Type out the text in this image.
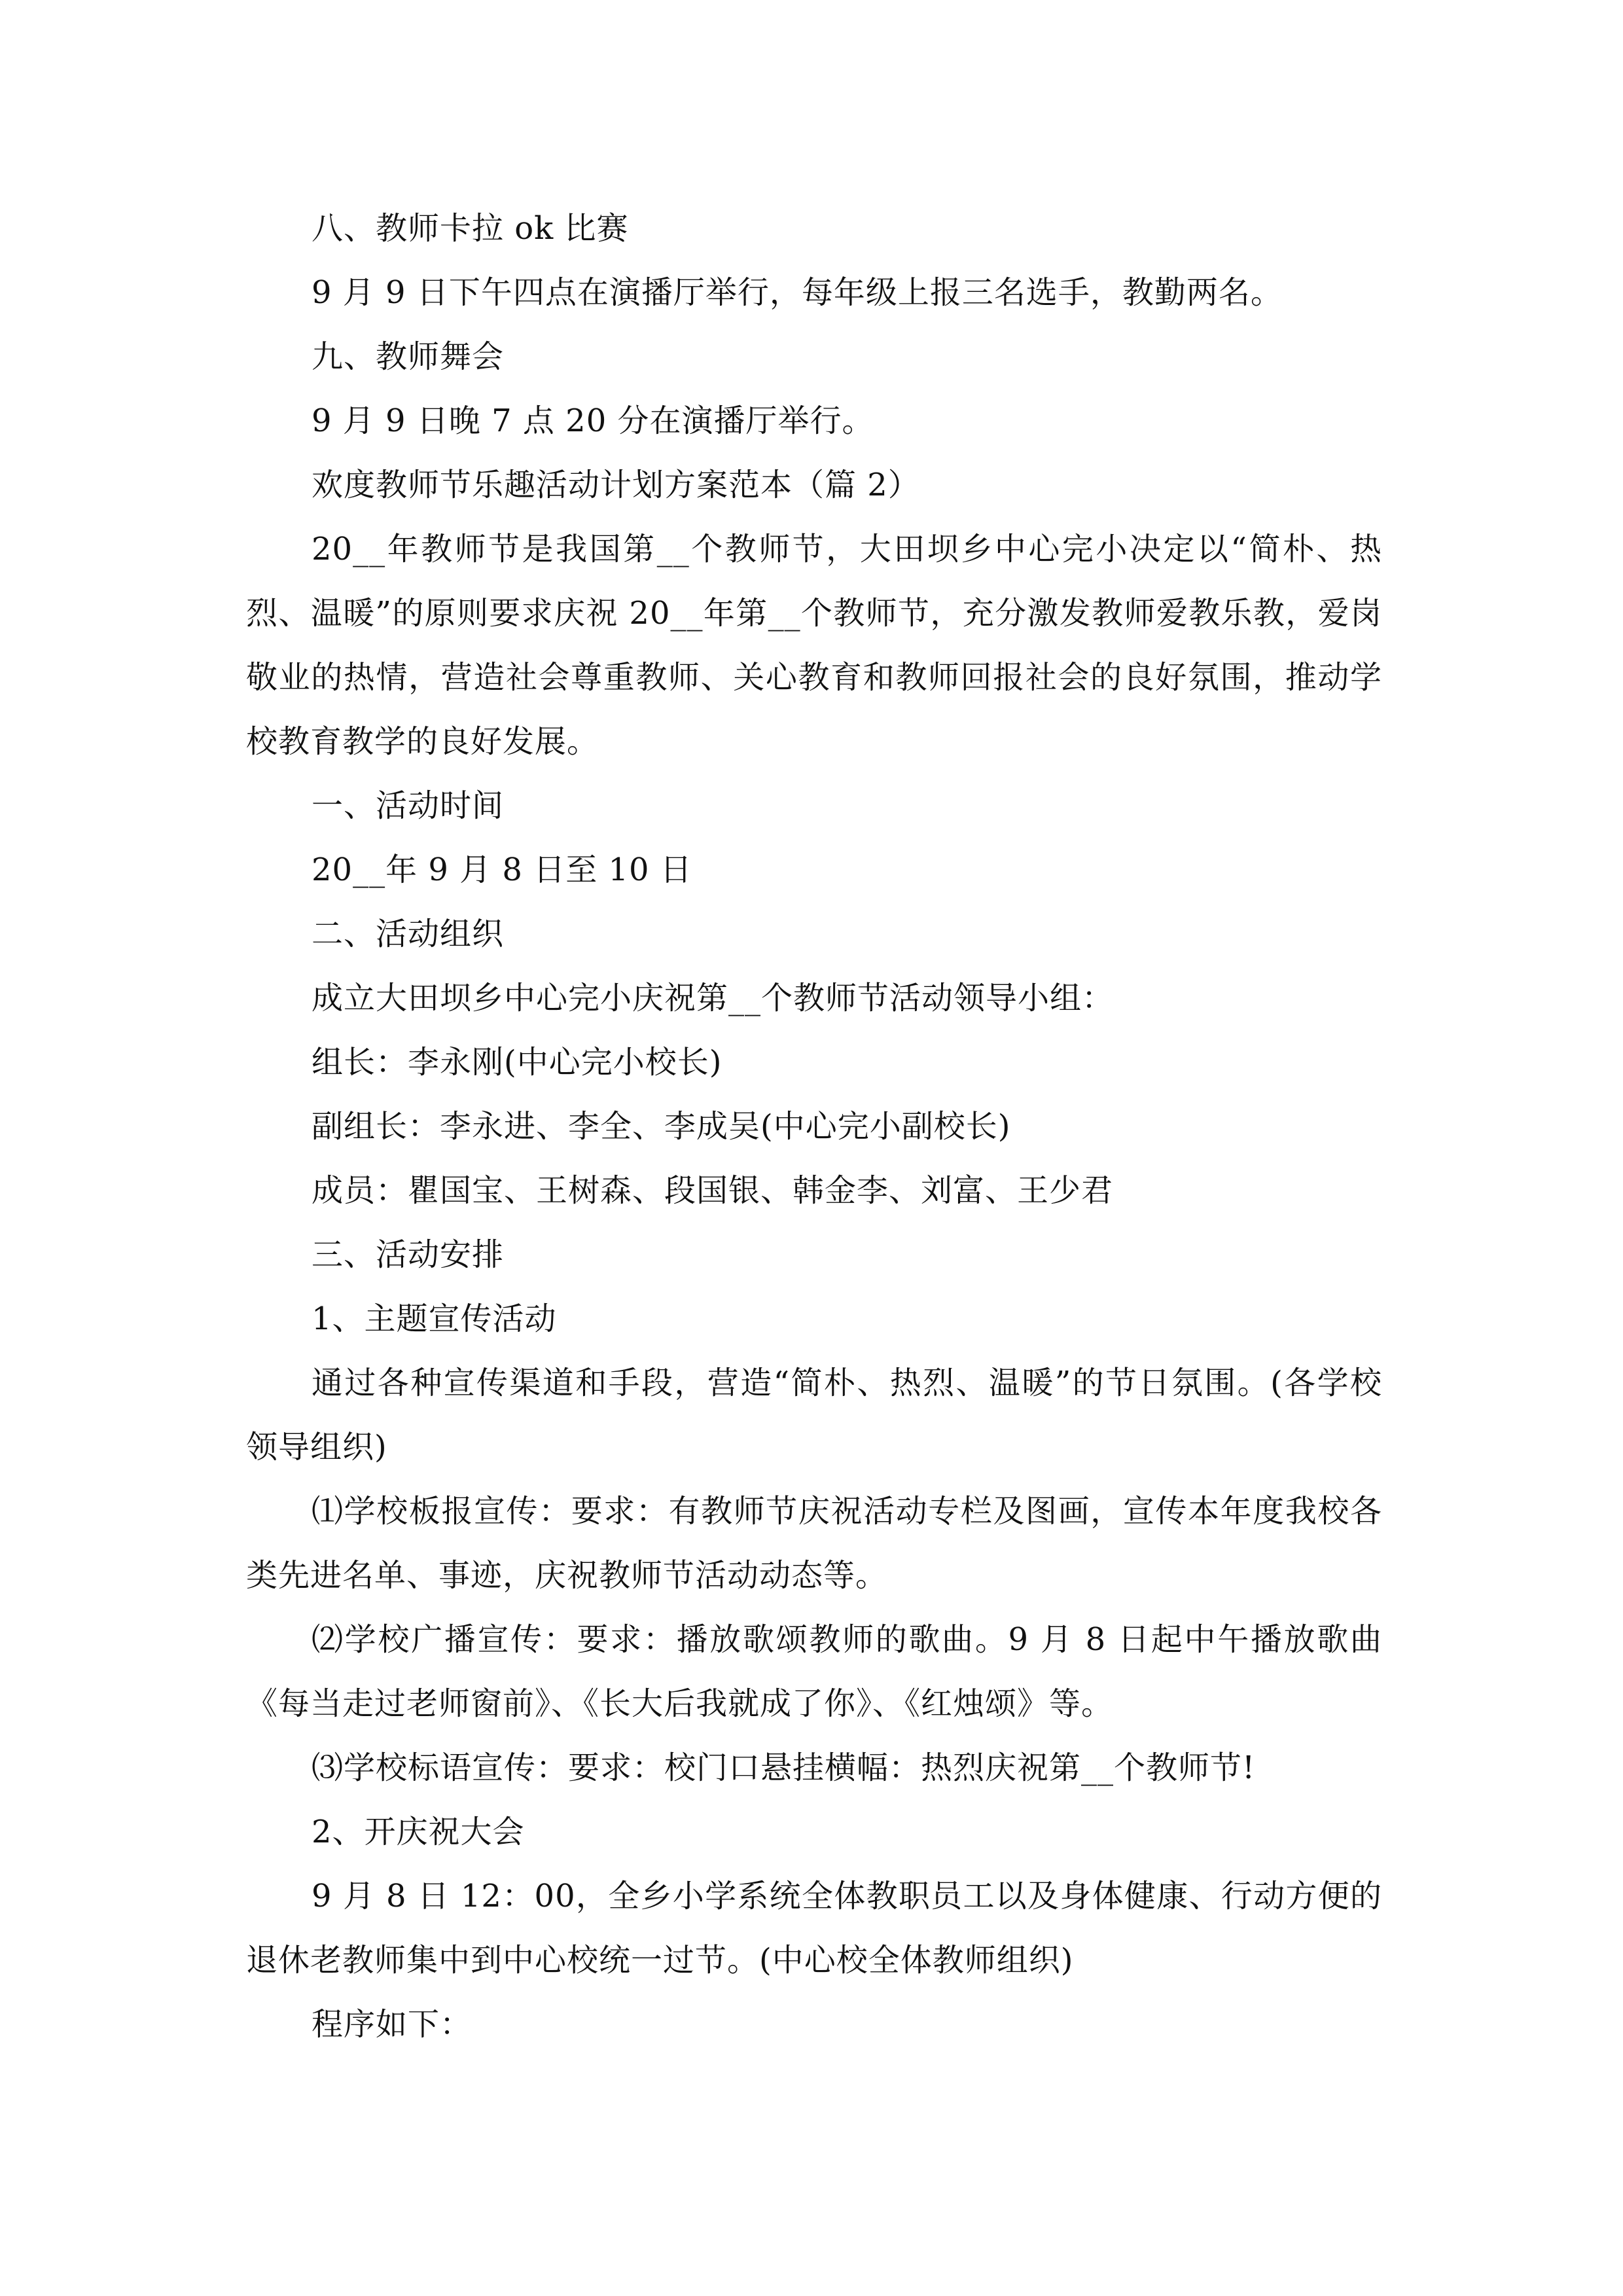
八、教师卡拉 ok 比赛
9 月 9 日下午四点在演播厅举行，每年级上报三名选手，教勤两名。
九、教师舞会
9 月 9 日晚 7 点 20 分在演播厅举行。
欢度教师节乐趣活动计划方案范本（篇 2）
20__年教师节是我国第__个教师节，大田坝乡中心完小决定以“简朴、热烈、温暖”的原则要求庆祝 20__年第__个教师节，充分激发教师爱教乐教，爱岗敬业的热情，营造社会尊重教师、关心教育和教师回报社会的良好氛围，推动学校教育教学的良好发展。
一、活动时间
20__年 9 月 8 日至 10 日
二、活动组织
成立大田坝乡中心完小庆祝第__个教师节活动领导小组：
组长：李永刚(中心完小校长)
副组长：李永进、李全、李成吴(中心完小副校长)
成员：瞿国宝、王树森、段国银、韩金李、刘富、王少君
三、活动安排
1、主题宣传活动
通过各种宣传渠道和手段，营造“简朴、热烈、温暖”的节日氛围。(各学校领导组织)
⑴学校板报宣传：要求：有教师节庆祝活动专栏及图画，宣传本年度我校各类先进名单、事迹，庆祝教师节活动动态等。
⑵学校广播宣传：要求：播放歌颂教师的歌曲。9 月 8 日起中午播放歌曲《每当走过老师窗前》、《长大后我就成了你》、《红烛颂》等。
⑶学校标语宣传：要求：校门口悬挂横幅：热烈庆祝第__个教师节!
2、开庆祝大会
9 月 8 日 12：00，全乡小学系统全体教职员工以及身体健康、行动方便的退休老教师集中到中心校统一过节。(中心校全体教师组织)
程序如下：
